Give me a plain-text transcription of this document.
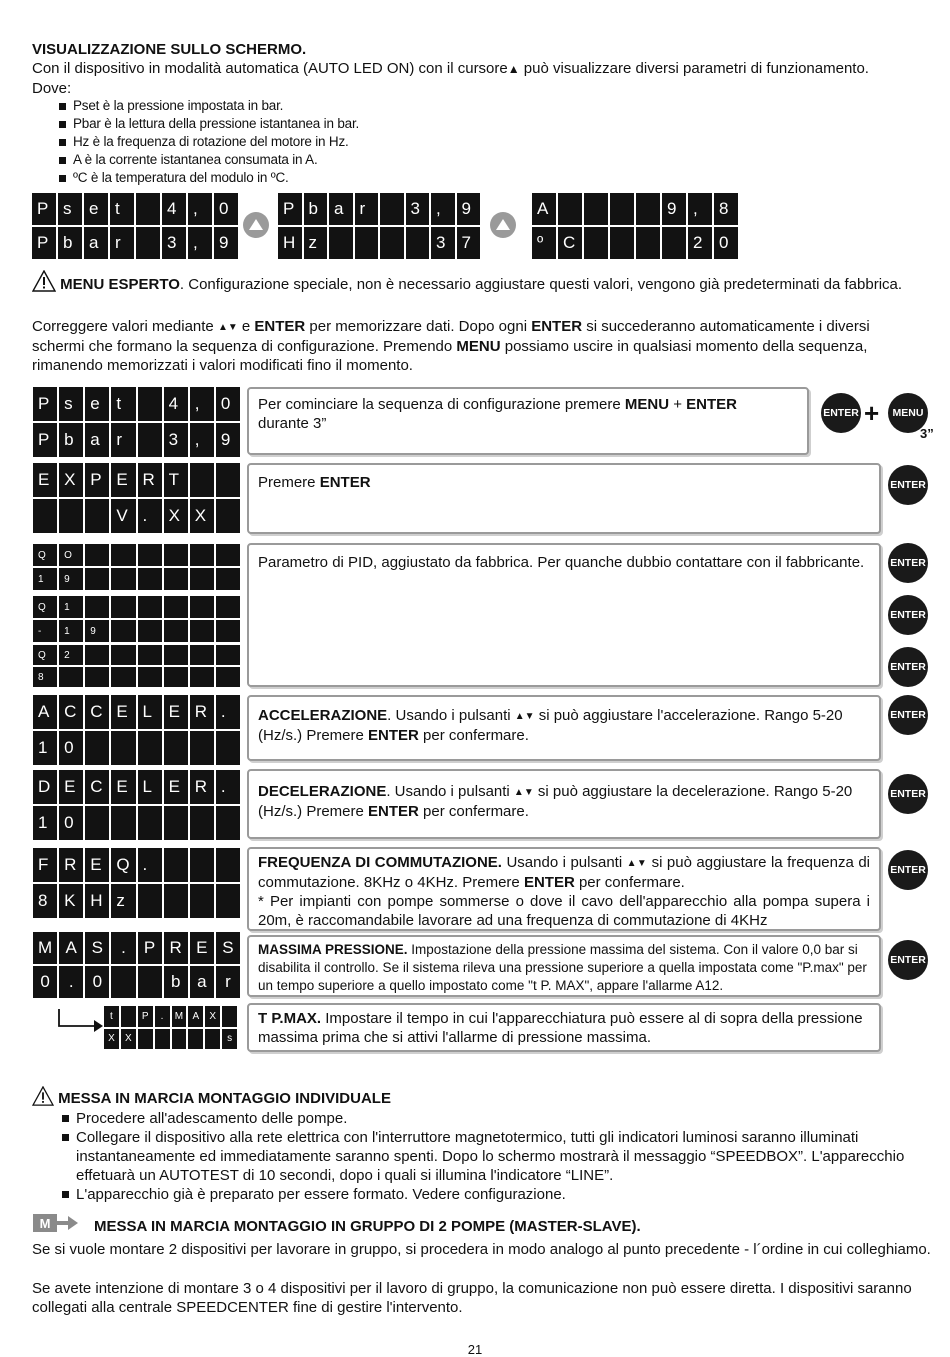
VISUALIZZAZIONE SULLO SCHERMO.
Con il dispositivo in modalità automatica (AUTO LED ON) con il cursore▲ può visualizzare diversi parametri di funzionamento.
Dove:
Pset è la pressione impostata in bar.
Pbar è la lettura della pressione istantanea in bar.
Hz è la frequenza di rotazione del motore in Hz.
A è la corrente istantanea consumata in A.
ºC è la temperatura del modulo in ºC.
P s	e t	4 ,	0
P b a r	3 ,	9
P b a r	3 ,	9
H z	3 7
A	9 ,	8
º	C	2 0
MENU ESPERTO. Configurazione speciale, non è necessario aggiustare questi valori, vengono già predeterminati da fabbrica.
Correggere valori mediante ▲▼ e ENTER per memorizzare dati. Dopo ogni ENTER si succederanno automaticamente i diversi schermi che formano la sequenza di configurazione. Premendo MENU possiamo uscire in qualsiasi momento della sequenza, rimanendo memorizzati i valori modificati fino il momento.
P s	e t	4 ,	0
P b a r	3 ,	9
Per cominciare la sequenza di configurazione premere MENU + ENTER
durante 3”
ENTER +	MENU
3”
E X P E R T
V .	X X
Premere ENTER	ENTER
Q	O
1	9
Q	1
-	1	9
Q	2
8
Parametro di PID, aggiustato da fabbrica. Per quanche dubbio contattare con il fabbricante.	ENTER
ENTER
ENTER
A C C E L E R .
1 0
ACCELERAZIONE. Usando i pulsanti ▲▼ si può aggiustare l'accelerazione. Rango 5-20 (Hz/s.) Premere ENTER per confermare.
ENTER
D E C E L E R .
1 0
DECELERAZIONE. Usando i pulsanti ▲▼ si può aggiustare la decelerazione. Rango 5-20 (Hz/s.) Premere ENTER per confermare.
ENTER
F R E Q .
8 K H z
FREQUENZA DI COMMUTAZIONE. Usando i pulsanti ▲▼ si può aggiustare la frequenza di commutazione. 8KHz o 4KHz. Premere ENTER per confermare.
* Per impianti con pompe sommerse o dove il cavo dell'apparecchio alla pompa supera i 20m, è raccomandabile lavorare ad una frequenza di commutazione di 4KHz
ENTER
M A S	.	P R E S
0	.	0	b a	r
MASSIMA PRESSIONE. Impostazione della pressione massima del sistema. Con il valore 0,0 bar si disabilita il controllo. Se il sistema rileva una pressione superiore a quella impostata come "P.max" per un tempo superiore a quello impostato come "t P. MAX", appare l'allarme A12.
ENTER
t	P	.	M A	X
X	X	s
T P.MAX. Impostare il tempo in cui l'apparecchiatura può essere al di sopra della pressione massima prima che si attivi l'allarme di pressione massima.
MESSA IN MARCIA MONTAGGIO INDIVIDUALE
Procedere all'adescamento delle pompe.
Collegare il dispositivo alla rete elettrica con l'interruttore magnetotermico, tutti gli indicatori luminosi saranno illuminati instantaneamente ed immediatamente saranno spenti. Dopo lo schermo mostrarà il messaggio “SPEEDBOX”. L'apparecchio effetuarà un AUTOTEST di 10 secondi, dopo i quali si illumina l'indicatore “LINE”.
L'apparecchio già è preparato per essere formato. Vedere configurazione.
M	MESSA IN MARCIA MONTAGGIO IN GRUPPO DI 2 POMPE (MASTER-SLAVE).
Se si vuole montare 2 dispositivi per lavorare in gruppo, si procedera in modo analogo al punto precedente - l´ordine in cui colleghiamo.
Se avete intenzione di montare 3 o 4 dispositivi per il lavoro di gruppo, la comunicazione non può essere diretta. I dispositivi saranno collegati alla centrale SPEEDCENTER fine di gestire l'intervento.
21
